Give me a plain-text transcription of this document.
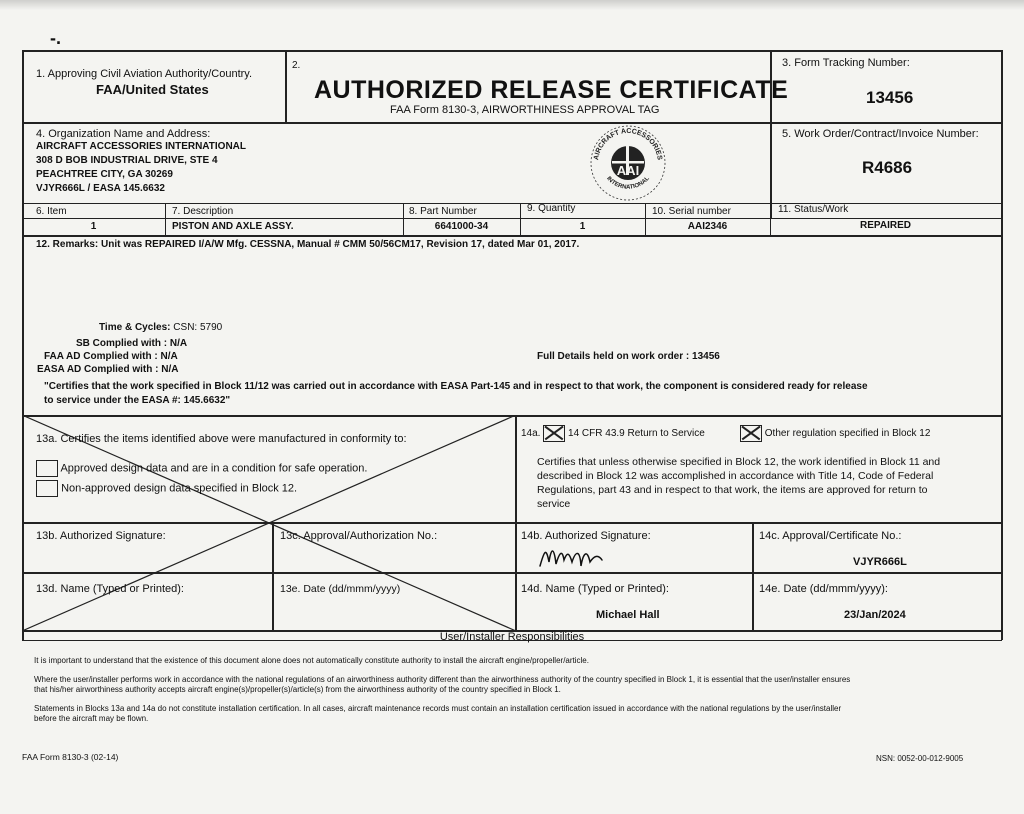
-.
1. Approving Civil Aviation Authority/Country.
FAA/United States
2.
AUTHORIZED RELEASE CERTIFICATE
FAA Form 8130-3, AIRWORTHINESS APPROVAL TAG
3. Form Tracking Number:
13456
4. Organization Name and Address:
AIRCRAFT ACCESSORIES INTERNATIONAL
308 D BOB INDUSTRIAL DRIVE, STE 4
PEACHTREE CITY, GA 30269
VJYR666L / EASA 145.6632
AIRCRAFT ACCESSORIES
INTERNATIONAL
AAI
5. Work Order/Contract/Invoice Number:
R4686
6. Item	7. Description	8. Part Number	9. Quantity	10. Serial number	11. Status/Work
1	PISTON AND AXLE ASSY.	6641000-34	1	AAI2346	REPAIRED
12. Remarks: Unit was REPAIRED I/A/W Mfg. CESSNA, Manual # CMM 50/56CM17, Revision 17, dated Mar 01, 2017.
Time & Cycles: CSN: 5790
SB Complied with : N/A
FAA AD Complied with : N/A
EASA AD Complied with : N/A
Full Details held on work order : 13456
"Certifies that the work specified in Block 11/12 was carried out in accordance with EASA Part-145 and in respect to that work, the component is considered ready for release
to service under the EASA #: 145.6632"
13a. Certifies the items identified above were manufactured in conformity to:
Approved design data and are in a condition for safe operation.
Non-approved design data specified in Block 12.
14a.	14 CFR 43.9 Return to Service	Other regulation specified in Block 12
Certifies that unless otherwise specified in Block 12, the work identified in Block 11 and
described in Block 12 was accomplished in accordance with Title 14, Code of Federal
Regulations, part 43 and in respect to that work, the items are approved for return to
service
13b. Authorized Signature:	13c. Approval/Authorization No.:	14b. Authorized Signature:	14c. Approval/Certificate No.:
VJYR666L
13d. Name (Typed or Printed):	13e. Date (dd/mmm/yyyy)	14d. Name (Typed or Printed):
Michael Hall
14e. Date (dd/mmm/yyyy):
23/Jan/2024
User/Installer Responsibilities
It is important to understand that the existence of this document alone does not automatically constitute authority to install the aircraft engine/propeller/article.
Where the user/installer performs work in accordance with the national regulations of an airworthiness authority different than the airworthiness authority of the country specified in Block 1, it is essential that the user/installer ensures
that his/her airworthiness authority accepts aircraft engine(s)/propeller(s)/article(s) from the airworthiness authority of the country specified in Block 1.
Statements in Blocks 13a and 14a do not constitute installation certification. In all cases, aircraft maintenance records must contain an installation certification issued in accordance with the national regulations by the user/installer
before the aircraft may be flown.
FAA Form 8130-3 (02-14)	NSN: 0052-00-012-9005
